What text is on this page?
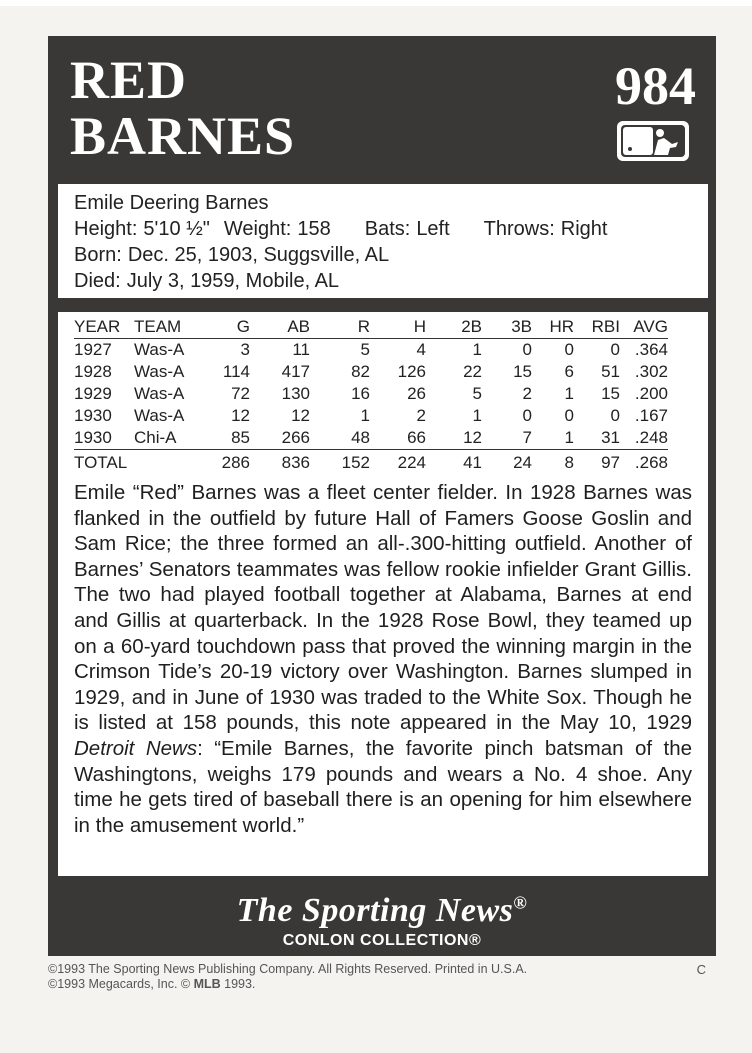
RED
BARNES
984
Emile Deering Barnes
Height: 5'10 ½" Weight: 158 Bats: Left Throws: Right
Born: Dec. 25, 1903, Suggsville, AL
Died: July 3, 1959, Mobile, AL
YEAR	TEAM	G	AB	R	H	2B	3B	HR	RBI	AVG
1927	Was-A	3	11	5	4	1	0	0	0	.364
1928	Was-A	114	417	82	126	22	15	6	51	.302
1929	Was-A	72	130	16	26	5	2	1	15	.200
1930	Was-A	12	12	1	2	1	0	0	0	.167
1930	Chi-A	85	266	48	66	12	7	1	31	.248
TOTAL		286	836	152	224	41	24	8	97	.268
Emile “Red” Barnes was a fleet center fielder. In 1928 Barnes was flanked in the outfield by future Hall of Famers Goose Goslin and Sam Rice; the three formed an all-.300-hitting outfield. Another of Barnes’ Senators teammates was fellow rookie infielder Grant Gillis. The two had played football together at Alabama, Barnes at end and Gillis at quarterback. In the 1928 Rose Bowl, they teamed up on a 60-yard touchdown pass that proved the winning margin in the Crimson Tide’s 20-19 victory over Washington. Barnes slumped in 1929, and in June of 1930 was traded to the White Sox. Though he is listed at 158 pounds, this note appeared in the May 10, 1929 Detroit News: “Emile Barnes, the favorite pinch batsman of the Washingtons, weighs 179 pounds and wears a No. 4 shoe. Any time he gets tired of baseball there is an opening for him elsewhere in the amusement world.”
The Sporting News®
CONLON COLLECTION®
©1993 The Sporting News Publishing Company. All Rights Reserved. Printed in U.S.A.
©1993 Megacards, Inc. © MLB 1993.
C
